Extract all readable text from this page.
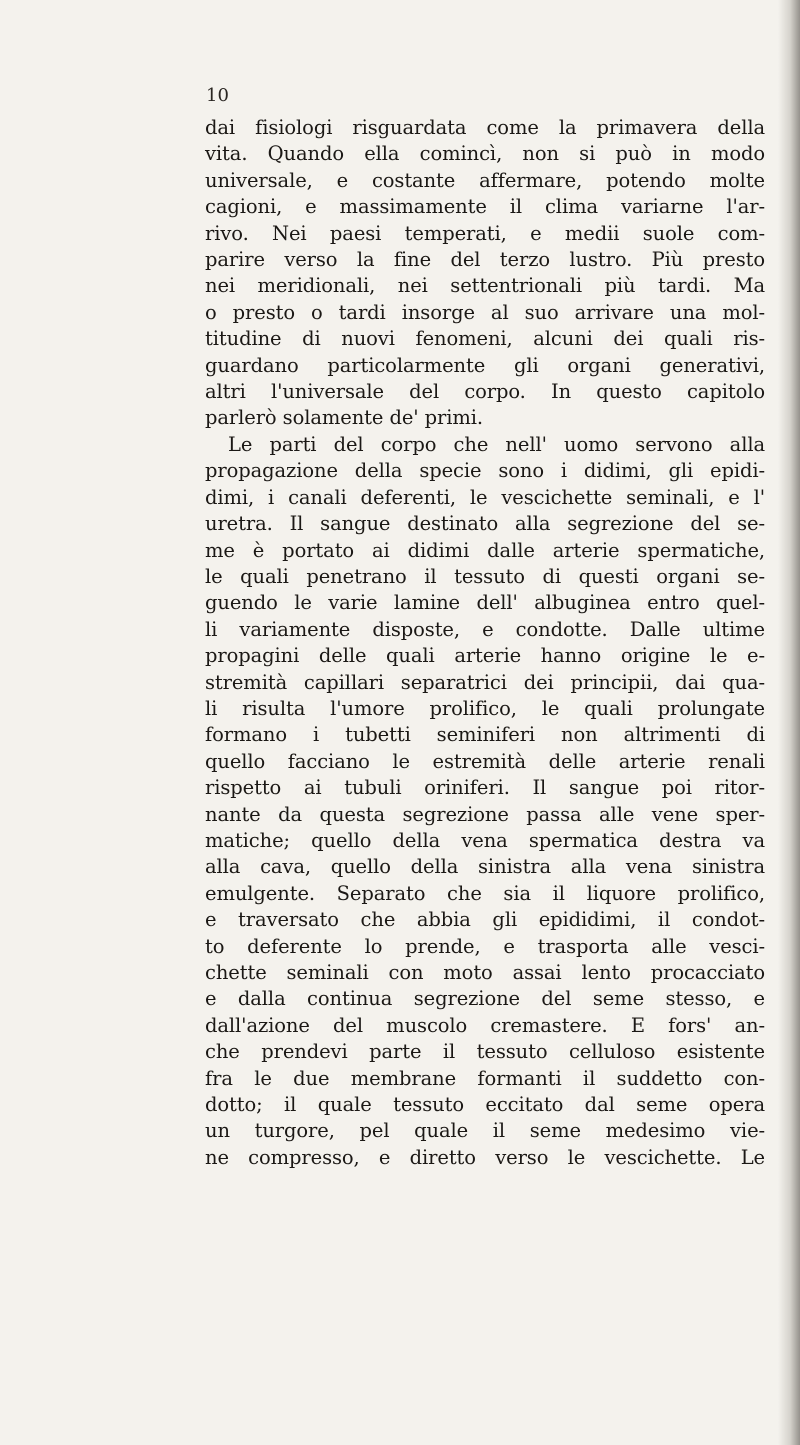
10

dai fisiologi risguardata come la primavera della
vita. Quando ella comincì, non si può in modo
universale, e costante affermare, potendo molte
cagioni, e massimamente il clima variarne l'ar-
rivo. Nei paesi temperati, e medii suole com-
parire verso la fine del terzo lustro. Più presto
nei meridionali, nei settentrionali più tardi. Ma
o presto o tardi insorge al suo arrivare una mol-
titudine di nuovi fenomeni, alcuni dei quali ris-
guardano particolarmente gli organi generativi,
altri l'universale del corpo. In questo capitolo
parlerò solamente de' primi.
Le parti del corpo che nell' uomo servono alla
propagazione della specie sono i didimi, gli epidi-
dimi, i canali deferenti, le vescichette seminali, e l'
uretra. Il sangue destinato alla segrezione del se-
me è portato ai didimi dalle arterie spermatiche,
le quali penetrano il tessuto di questi organi se-
guendo le varie lamine dell' albuginea entro quel-
li variamente disposte, e condotte. Dalle ultime
propagini delle quali arterie hanno origine le e-
stremità capillari separatrici dei principii, dai qua-
li risulta l'umore prolifico, le quali prolungate
formano i tubetti seminiferi non altrimenti di
quello facciano le estremità delle arterie renali
rispetto ai tubuli oriniferi. Il sangue poi ritor-
nante da questa segrezione passa alle vene sper-
matiche; quello della vena spermatica destra va
alla cava, quello della sinistra alla vena sinistra
emulgente. Separato che sia il liquore prolifico,
e traversato che abbia gli epididimi, il condot-
to deferente lo prende, e trasporta alle vesci-
chette seminali con moto assai lento procacciato
e dalla continua segrezione del seme stesso, e
dall'azione del muscolo cremastere. E fors' an-
che prendevi parte il tessuto celluloso esistente
fra le due membrane formanti il suddetto con-
dotto; il quale tessuto eccitato dal seme opera
un turgore, pel quale il seme medesimo vie-
ne compresso, e diretto verso le vescichette. Le
